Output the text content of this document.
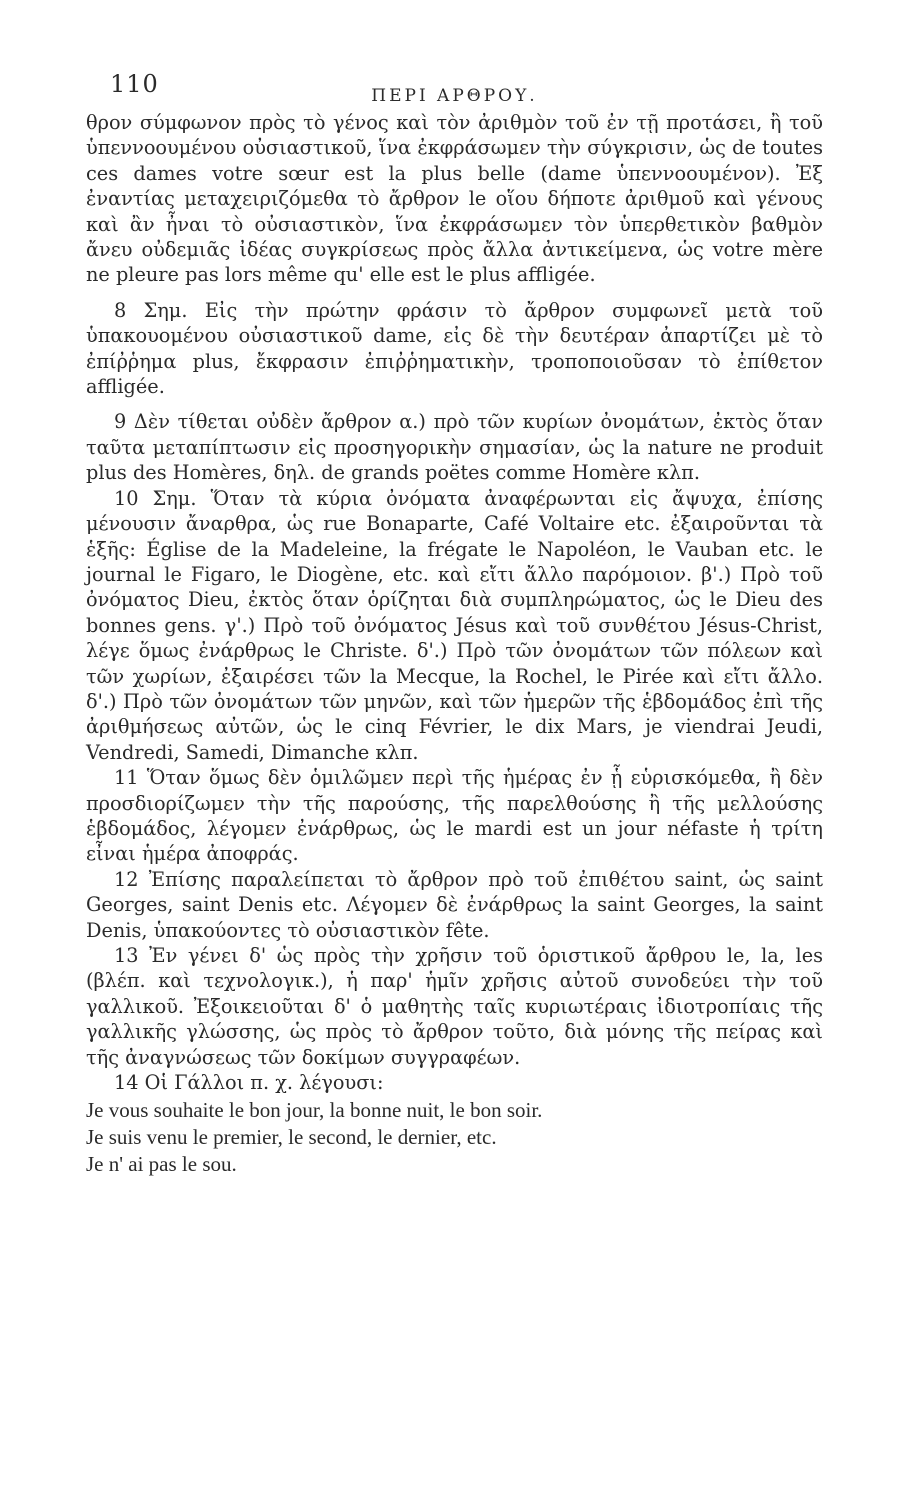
110	ΠΕΡΙ ΑΡΘΡΟΥ.

θρον σύμφωνον πρὸς τὸ γένος καὶ τὸν ἀριθμὸν τοῦ ἐν τῇ προτάσει, ἢ τοῦ ὑπεννοουμένου οὐσιαστικοῦ, ἵνα ἐκφράσωμεν τὴν σύγκρισιν, ὡς de toutes ces dames votre sœur est la plus belle (dame ὑπεννοουμένον). Ἐξ ἐναντίας μεταχειριζόμεθα τὸ ἄρθρον le οἵου δήποτε ἀριθμοῦ καὶ γένους καὶ ἂν ἦναι τὸ οὐσιαστικὸν, ἵνα ἐκφράσωμεν τὸν ὑπερθετικὸν βαθμὸν ἄνευ οὐδεμιᾶς ἰδέας συγκρίσεως πρὸς ἄλλα ἀντικείμενα, ὡς votre mère ne pleure pas lors même qu' elle est le plus affligée.

8 Σημ. Εἰς τὴν πρώτην φράσιν τὸ ἄρθρον συμφωνεῖ μετὰ τοῦ ὑπακουομένου οὐσιαστικοῦ dame, εἰς δὲ τὴν δευτέραν ἀπαρτίζει μὲ τὸ ἐπίῤῥημα plus, ἔκφρασιν ἐπιῤῥηματικὴν, τροποποιοῦσαν τὸ ἐπίθετον affligée.

9 Δὲν τίθεται οὐδὲν ἄρθρον α.) πρὸ τῶν κυρίων ὀνομάτων, ἐκτὸς ὅταν ταῦτα μεταπίπτωσιν εἰς προσηγορικὴν σημασίαν, ὡς la nature ne produit plus des Homères, δηλ. de grands poëtes comme Homère κλπ.

10 Σημ. Ὅταν τὰ κύρια ὀνόματα ἀναφέρωνται εἰς ἄψυχα, ἐπίσης μένουσιν ἄναρθρα, ὡς rue Bonaparte, Café Voltaire etc. ἐξαιροῦνται τὰ ἑξῆς: Église de la Madeleine, la frégate le Napoléon, le Vauban etc. le journal le Figaro, le Diogène, etc. καὶ εἴτι ἄλλο παρόμοιον. β'.) Πρὸ τοῦ ὀνόματος Dieu, ἐκτὸς ὅταν ὁρίζηται διὰ συμπληρώματος, ὡς le Dieu des bonnes gens. γ'.) Πρὸ τοῦ ὀνόματος Jésus καὶ τοῦ συνθέτου Jésus-Christ, λέγε ὅμως ἐνάρθρως le Christe. δ'.) Πρὸ τῶν ὀνομάτων τῶν πόλεων καὶ τῶν χωρίων, ἐξαιρέσει τῶν la Mecque, la Rochel, le Pirée καὶ εἴτι ἄλλο. δ'.) Πρὸ τῶν ὀνομάτων τῶν μηνῶν, καὶ τῶν ἡμερῶν τῆς ἑβδομάδος ἐπὶ τῆς ἀριθμήσεως αὐτῶν, ὡς le cinq Février, le dix Mars, je viendrai Jeudi, Vendredi, Samedi, Dimanche κλπ.

11 Ὅταν ὅμως δὲν ὁμιλῶμεν περὶ τῆς ἡμέρας ἐν ᾗ εὑρισκόμεθα, ἢ δὲν προσδιορίζωμεν τὴν τῆς παρούσης, τῆς παρελθούσης ἢ τῆς μελλούσης ἑβδομάδος, λέγομεν ἐνάρθρως, ὡς le mardi est un jour néfaste ἡ τρίτη εἶναι ἡμέρα ἀποφράς.

12 Ἐπίσης παραλείπεται τὸ ἄρθρον πρὸ τοῦ ἐπιθέτου saint, ὡς saint Georges, saint Denis etc. Λέγομεν δὲ ἐνάρθρως la saint Georges, la saint Denis, ὑπακούοντες τὸ οὐσιαστικὸν fête.

13 Ἐν γένει δ' ὡς πρὸς τὴν χρῆσιν τοῦ ὁριστικοῦ ἄρθρου le, la, les (βλέπ. καὶ τεχνολογικ.), ἡ παρ' ἡμῖν χρῆσις αὐτοῦ συνοδεύει τὴν τοῦ γαλλικοῦ. Ἐξοικειοῦται δ' ὁ μαθητὴς ταῖς κυριωτέραις ἰδιοτροπίαις τῆς γαλλικῆς γλώσσης, ὡς πρὸς τὸ ἄρθρον τοῦτο, διὰ μόνης τῆς πείρας καὶ τῆς ἀναγνώσεως τῶν δοκίμων συγγραφέων.

14 Οἱ Γάλλοι π. χ. λέγουσι:

Je vous souhaite le bon jour, la bonne nuit, le bon soir.

Je suis venu le premier, le second, le dernier, etc.

Je n' ai pas le sou.
